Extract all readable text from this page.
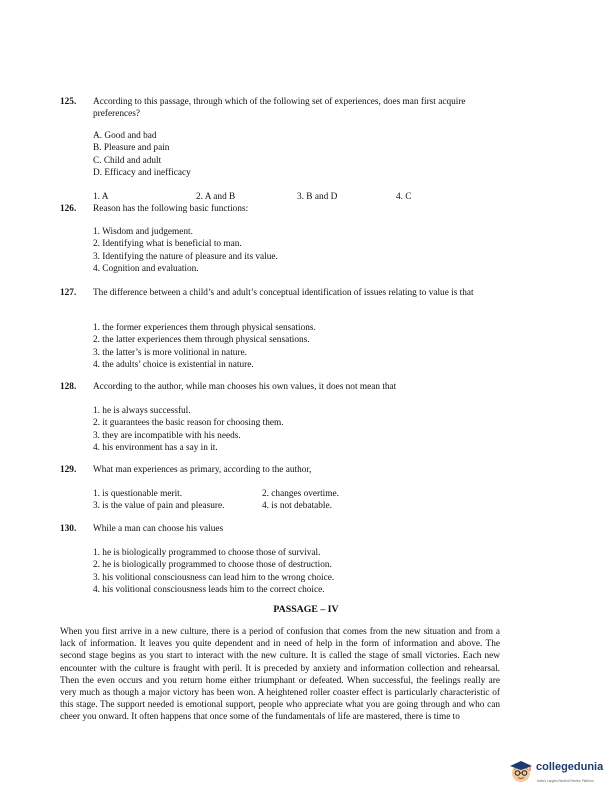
125.	According to this passage, through which of the following set of experiences, does man first acquire preferences?
A. Good and bad
B. Pleasure and pain
C. Child and adult
D. Efficacy and inefficacy
1. A	2. A and B	3. B and D	4. C
126.	Reason has the following basic functions:
1. Wisdom and judgement.
2. Identifying what is beneficial to man.
3. Identifying the nature of pleasure and its value.
4. Cognition and evaluation.
127.	The difference between a child’s and adult’s conceptual identification of issues relating to value is that
1. the former experiences them through physical sensations.
2. the latter experiences them through physical sensations.
3. the latter’s is more volitional in nature.
4. the adults’ choice is existential in nature.
128.	According to the author, while man chooses his own values, it does not mean that
1. he is always successful.
2. it guarantees the basic reason for choosing them.
3. they are incompatible with his needs.
4. his environment has a say in it.
129.	What man experiences as primary, according to the author,
1. is questionable merit.	2. changes overtime.
3. is the value of pain and pleasure.	4. is not debatable.
130.	While a man can choose his values
1. he is biologically programmed to choose those of survival.
2. he is biologically programmed to choose those of destruction.
3. his volitional consciousness can lead him to the wrong choice.
4. his volitional consciousness leads him to the correct choice.
PASSAGE – IV
When you first arrive in a new culture, there is a period of confusion that comes from the new situation and from a lack of information. It leaves you quite dependent and in need of help in the form of information and above. The second stage begins as you start to interact with the new culture. It is called the stage of small victories. Each new encounter with the culture is fraught with peril. It is preceded by anxiety and information collection and rehearsal. Then the even occurs and you return home either triumphant or defeated. When successful, the feelings really are very much as though a major victory has been won. A heightened roller coaster effect is particularly characteristic of this stage. The support needed is emotional support, people who appreciate what you are going through and who can cheer you onward. It often happens that once some of the fundamentals of life are mastered, there is time to
collegedunia
India's Largest Student Review Platform
